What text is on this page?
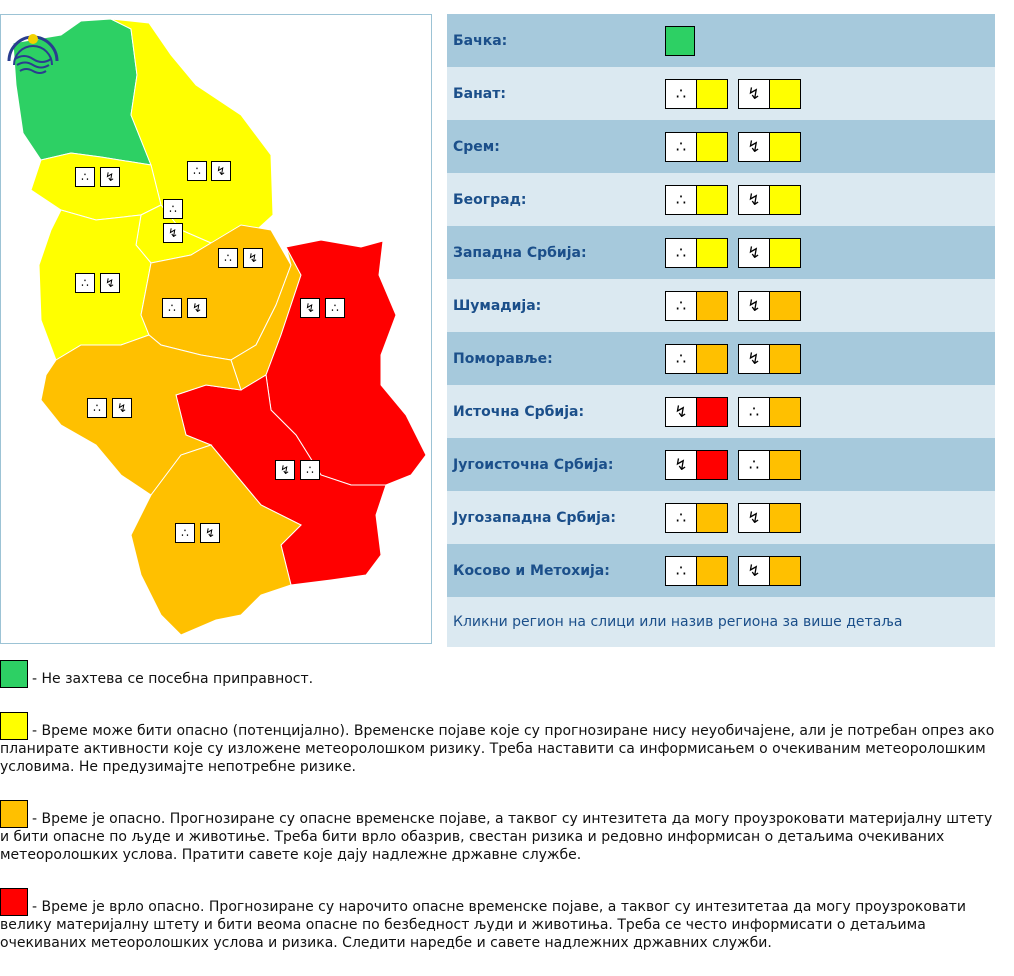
∴	↯	∴	↯
∴
↯
∴	↯
∴	↯
∴	↯	↯	∴
∴	↯
↯	∴
∴	↯
Бачка:
Банат:	∴	↯
Срем:	∴	↯
Београд:	∴	↯
Западна Србија:	∴	↯
Шумадија:	∴	↯
Поморавље:	∴	↯
Источна Србија:	↯	∴
Југоисточна Србија:	↯	∴
Југозападна Србија:	∴	↯
Косово и Метохија:	∴	↯
Кликни регион на слици или назив региона за више детаља
- Не захтева се посебна приправност.
- Време може бити опасно (потенцијално). Временске појаве које су прогнозиране нису неуобичајене, али је потребан опрез ако планирате активности које су изложене метеоролошком ризику. Треба наставити са информисањем о очекиваним метеоролошким условима. Не предузимајте непотребне ризике.
- Време је опасно. Прогнозиране су опасне временске појаве, а таквог су интезитета да могу проузроковати материјалну штету и бити опасне по људе и животиње. Треба бити врло обазрив, свестан ризика и редовно информисан о детаљима очекиваних метеоролошких услова. Пратити савете које дају надлежне државне службе.
- Време је врло опасно. Прогнозиране су нарочито опасне временске појаве, а таквог су интезитетаа да могу проузроковати велику материјалну штету и бити веома опасне по безбедност људи и животиња. Треба се често информисати о детаљима очекиваних метеоролошких услова и ризика. Следити наредбе и савете надлежних државних служби.
